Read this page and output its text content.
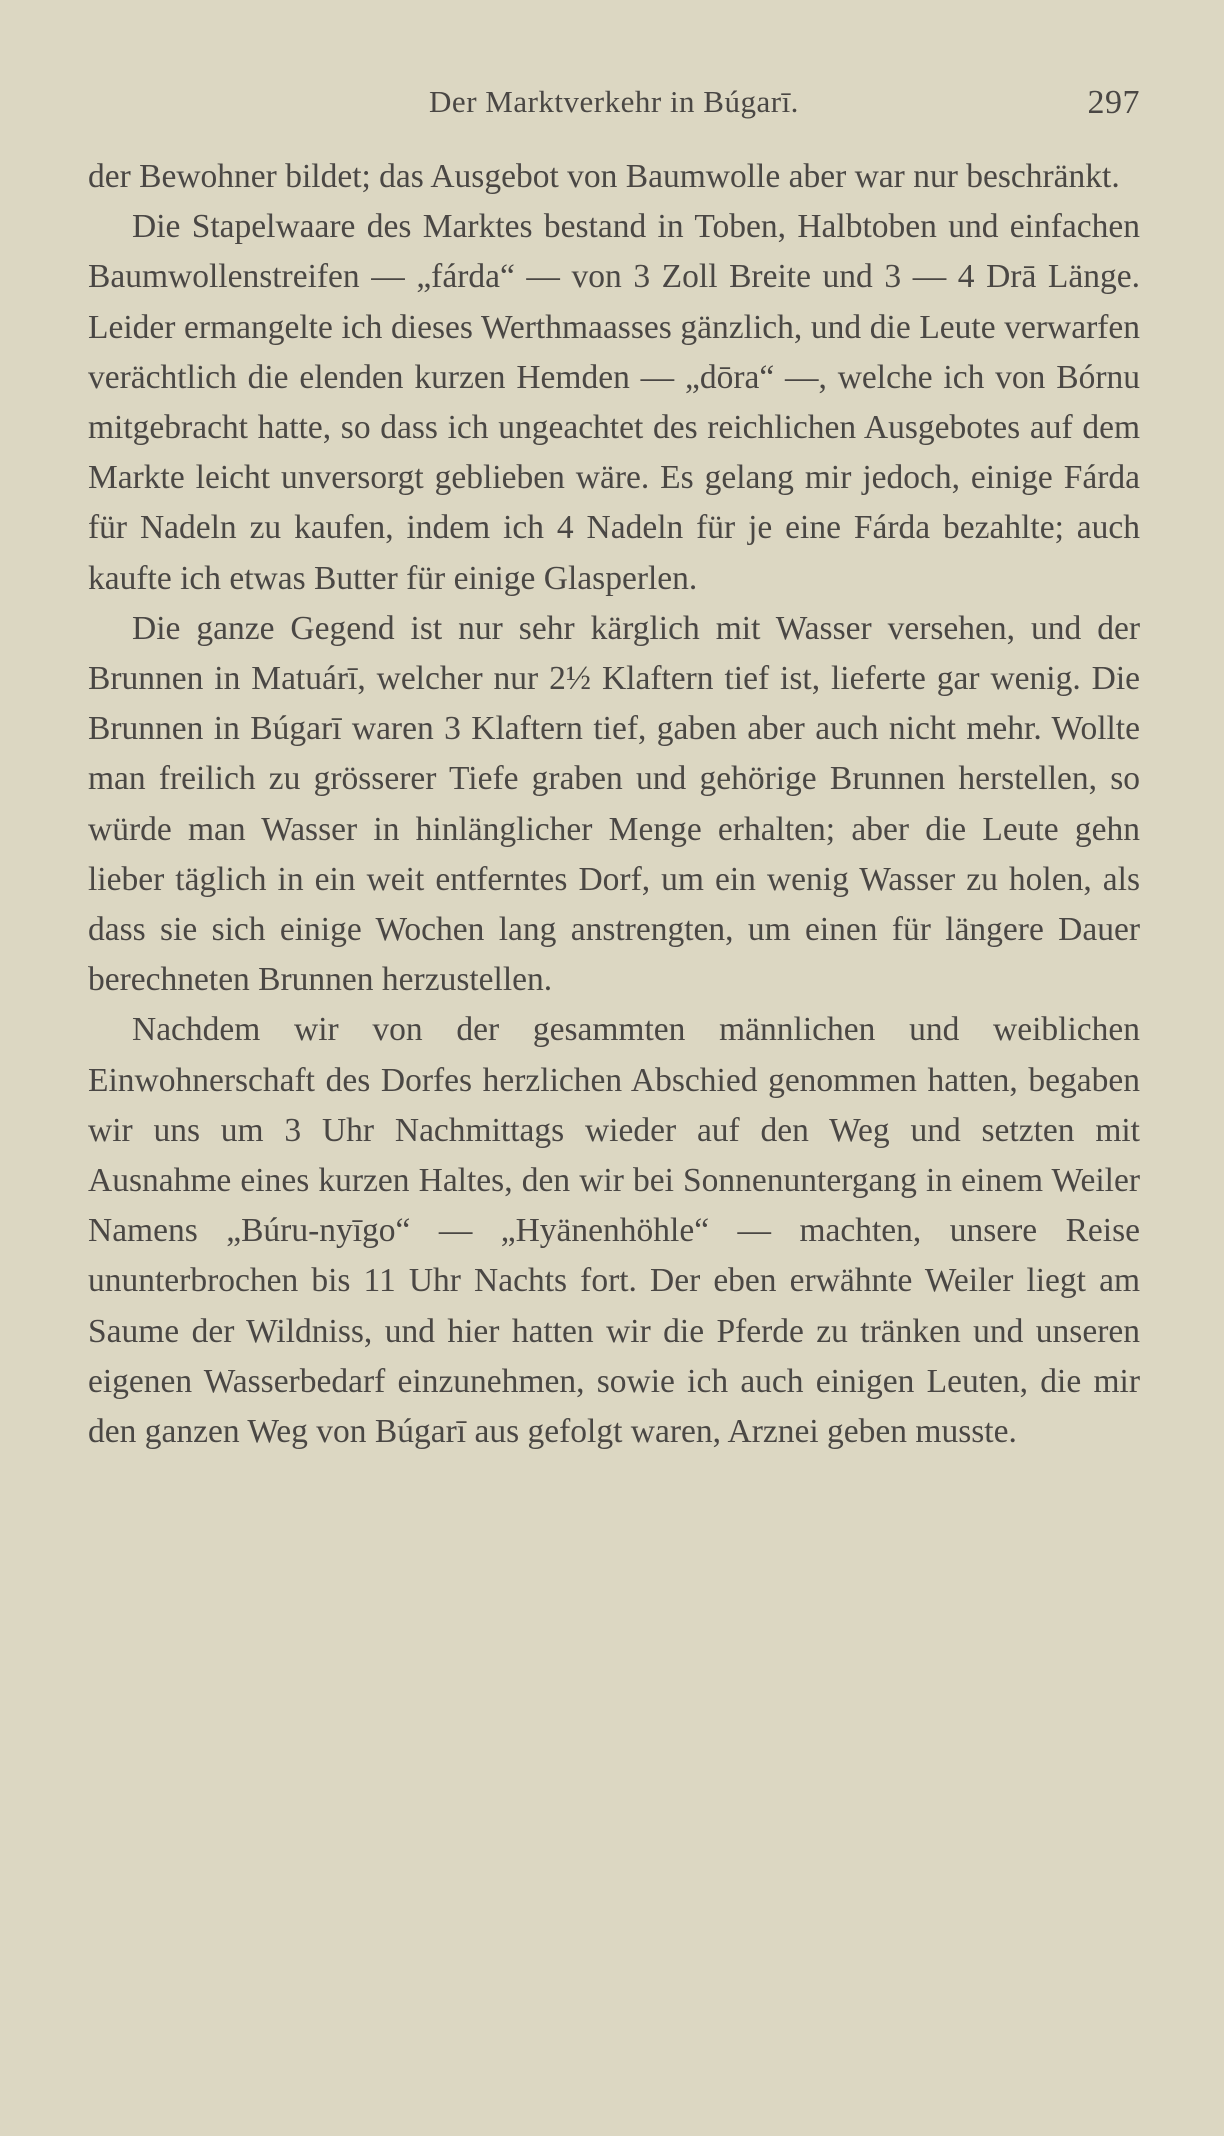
Der Marktverkehr in Búgarī.	297

der Bewohner bildet; das Ausgebot von Baumwolle aber war nur beschränkt.

Die Stapelwaare des Marktes bestand in Toben, Halbtoben und einfachen Baumwollenstreifen — „fárda“ — von 3 Zoll Breite und 3 — 4 Drā Länge. Leider ermangelte ich dieses Werthmaasses gänzlich, und die Leute verwarfen verächtlich die elenden kurzen Hemden — „dōra“ —, welche ich von Bórnu mitgebracht hatte, so dass ich ungeachtet des reichlichen Ausgebotes auf dem Markte leicht unversorgt geblieben wäre. Es gelang mir jedoch, einige Fárda für Nadeln zu kaufen, indem ich 4 Nadeln für je eine Fárda bezahlte; auch kaufte ich etwas Butter für einige Glasperlen.

Die ganze Gegend ist nur sehr kärglich mit Wasser versehen, und der Brunnen in Matuárī, welcher nur 2½ Klaftern tief ist, lieferte gar wenig. Die Brunnen in Búgarī waren 3 Klaftern tief, gaben aber auch nicht mehr. Wollte man freilich zu grösserer Tiefe graben und gehörige Brunnen herstellen, so würde man Wasser in hinlänglicher Menge erhalten; aber die Leute gehn lieber täglich in ein weit entferntes Dorf, um ein wenig Wasser zu holen, als dass sie sich einige Wochen lang anstrengten, um einen für längere Dauer berechneten Brunnen herzustellen.

Nachdem wir von der gesammten männlichen und weiblichen Einwohnerschaft des Dorfes herzlichen Abschied genommen hatten, begaben wir uns um 3 Uhr Nachmittags wieder auf den Weg und setzten mit Ausnahme eines kurzen Haltes, den wir bei Sonnenuntergang in einem Weiler Namens „Búru-nyīgo“ — „Hyänenhöhle“ — machten, unsere Reise ununterbrochen bis 11 Uhr Nachts fort. Der eben erwähnte Weiler liegt am Saume der Wildniss, und hier hatten wir die Pferde zu tränken und unseren eigenen Wasserbedarf einzunehmen, sowie ich auch einigen Leuten, die mir den ganzen Weg von Búgarī aus gefolgt waren, Arznei geben musste.
